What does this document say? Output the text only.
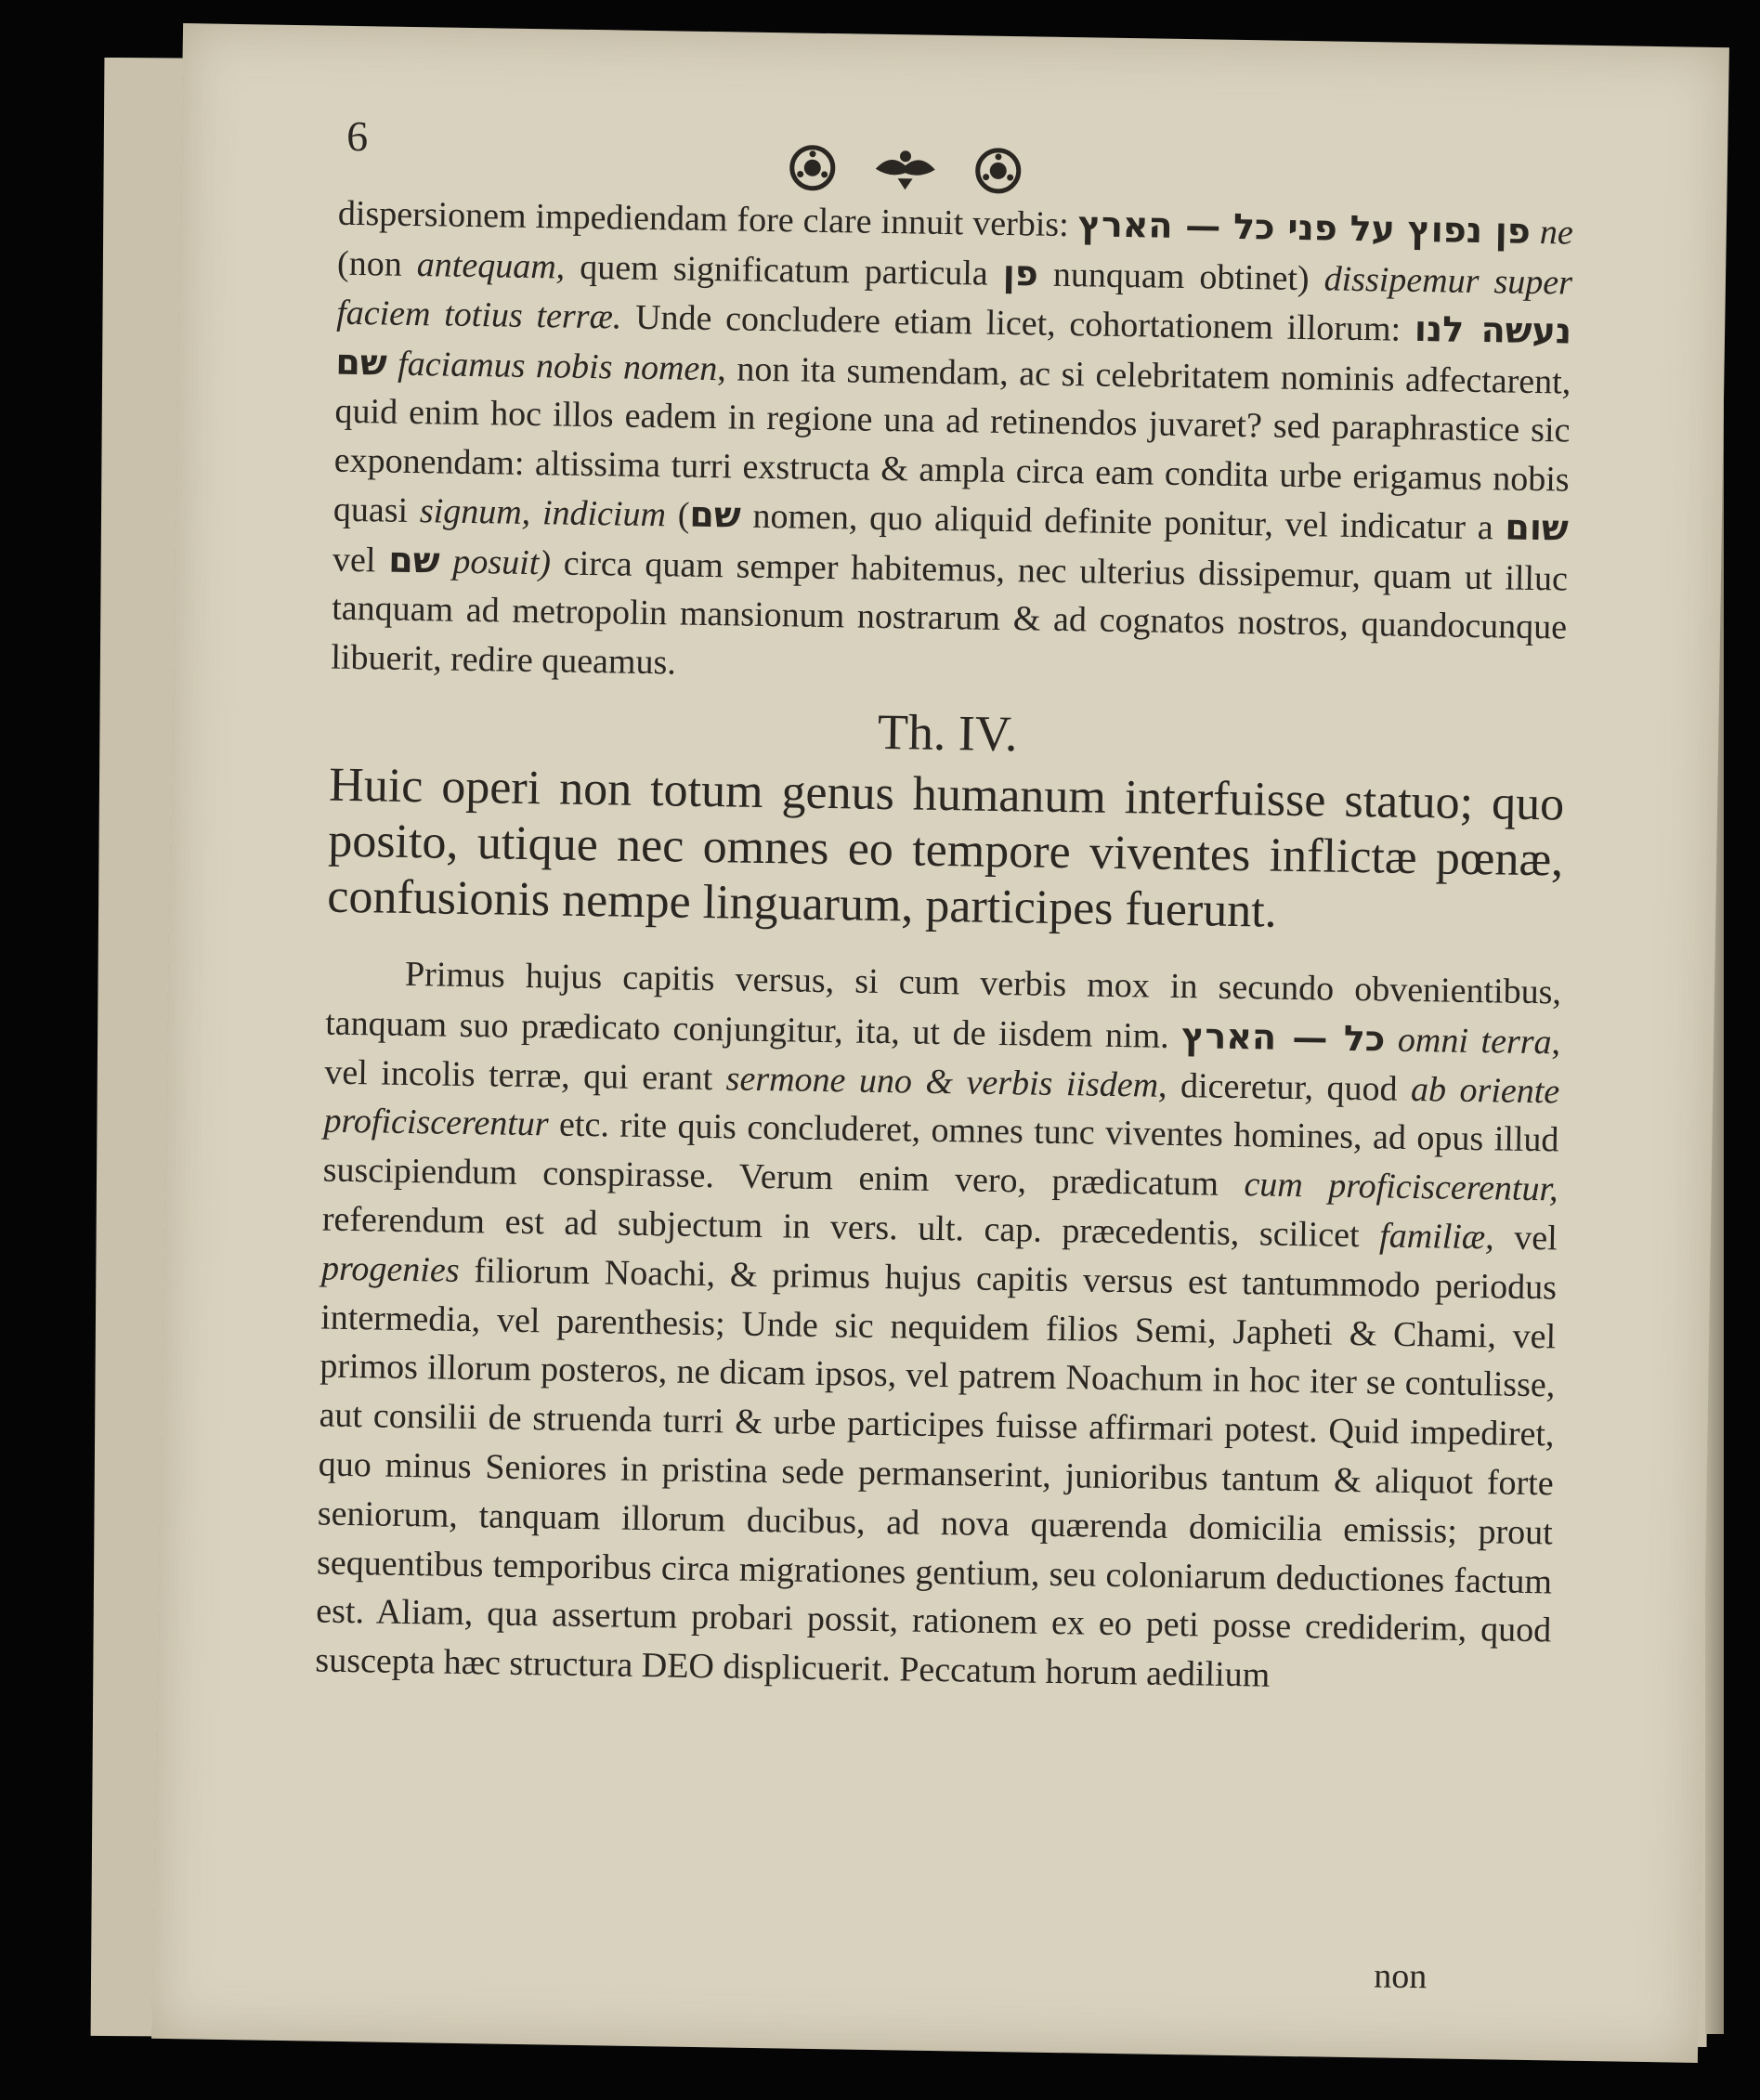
6

dispersionem impediendam fore clare innuit verbis: פן נפוץ על פני כל — הארץ ne (non antequam, quem significatum particula פן nunquam obtinet) dissipemur super faciem totius terræ. Unde concludere etiam licet, cohortationem illorum: נעשה לנו שם faciamus nobis nomen, non ita sumendam, ac si celebritatem nominis adfectarent, quid enim hoc illos eadem in regione una ad retinendos juvaret? sed paraphrastice sic exponendam: altissima turri exstructa & ampla circa eam condita urbe erigamus nobis quasi signum, indicium (שם nomen, quo aliquid definite ponitur, vel indicatur a שום vel שם posuit) circa quam semper habitemus, nec ulterius dissipemur, quam ut illuc tanquam ad metropolin mansionum nostrarum & ad cognatos nostros, quandocunque libuerit, redire queamus.

Th. IV.

Huic operi non totum genus humanum interfuisse statuo; quo posito, utique nec omnes eo tempore viventes inflictæ pœnæ, confusionis nempe linguarum, participes fuerunt.

Primus hujus capitis versus, si cum verbis mox in secundo obvenientibus, tanquam suo prædicato conjungitur, ita, ut de iisdem nim. כל — הארץ omni terra, vel incolis terræ, qui erant sermone uno & verbis iisdem, diceretur, quod ab oriente proficiscerentur etc. rite quis concluderet, omnes tunc viventes homines, ad opus illud suscipiendum conspirasse. Verum enim vero, prædicatum cum proficiscerentur, referendum est ad subjectum in vers. ult. cap. præcedentis, scilicet familiæ, vel progenies filiorum Noachi, & primus hujus capitis versus est tantummodo periodus intermedia, vel parenthesis; Unde sic nequidem filios Semi, Japheti & Chami, vel primos illorum posteros, ne dicam ipsos, vel patrem Noachum in hoc iter se contulisse, aut consilii de struenda turri & urbe participes fuisse affirmari potest. Quid impediret, quo minus Seniores in pristina sede permanserint, junioribus tantum & aliquot forte seniorum, tanquam illorum ducibus, ad nova quærenda domicilia emissis; prout sequentibus temporibus circa migrationes gentium, seu coloniarum deductiones factum est. Aliam, qua assertum probari possit, rationem ex eo peti posse crediderim, quod suscepta hæc structura DEO displicuerit. Peccatum horum aedilium

non
